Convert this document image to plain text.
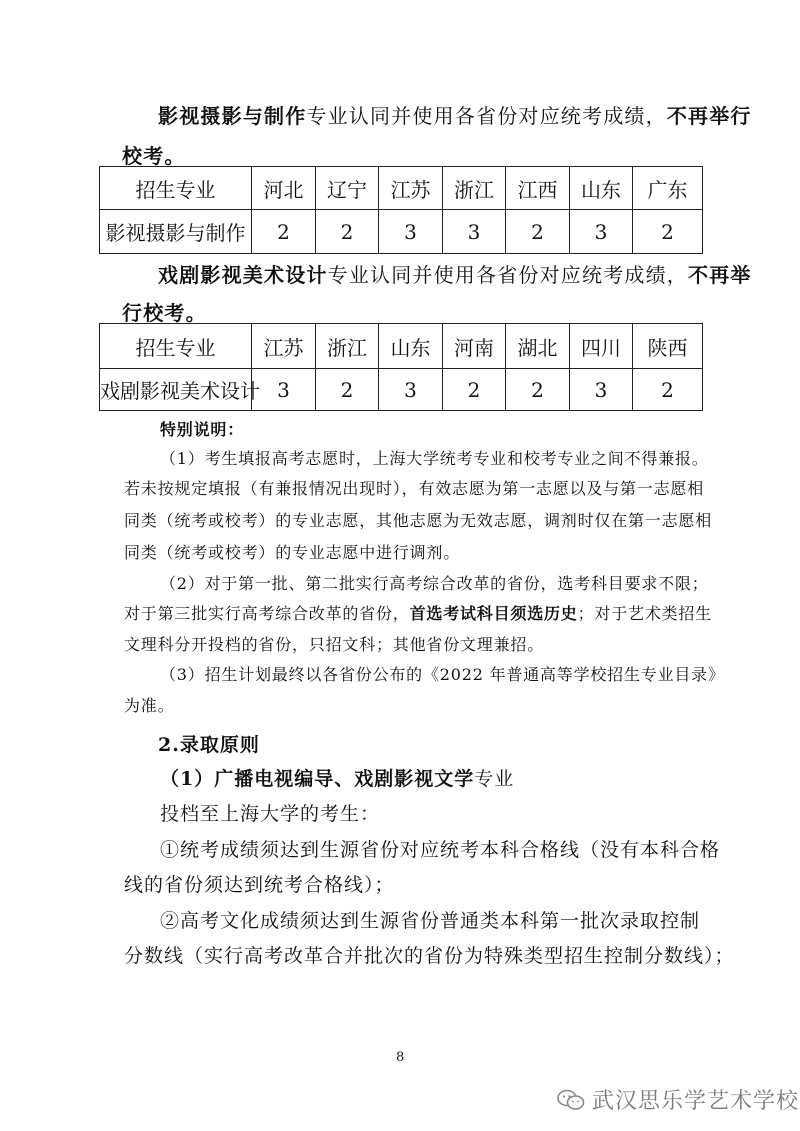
影视摄影与制作专业认同并使用各省份对应统考成绩，不再举行
校考。
招生专业	河北	辽宁	江苏	浙江	江西	山东	广东
影视摄影与制作	2	2	3	3	2	3	2
戏剧影视美术设计专业认同并使用各省份对应统考成绩，不再举
行校考。
招生专业	江苏	浙江	山东	河南	湖北	四川	陕西
戏剧影视美术设计	3	2	3	2	2	3	2
特别说明：
（1）考生填报高考志愿时，上海大学统考专业和校考专业之间不得兼报。
若未按规定填报（有兼报情况出现时），有效志愿为第一志愿以及与第一志愿相
同类（统考或校考）的专业志愿，其他志愿为无效志愿，调剂时仅在第一志愿相
同类（统考或校考）的专业志愿中进行调剂。
（2）对于第一批、第二批实行高考综合改革的省份，选考科目要求不限；
对于第三批实行高考综合改革的省份，首选考试科目须选历史；对于艺术类招生
文理科分开投档的省份，只招文科；其他省份文理兼招。
（3）招生计划最终以各省份公布的《2022 年普通高等学校招生专业目录》
为准。
2.录取原则
（1）广播电视编导、戏剧影视文学专业
投档至上海大学的考生：
①统考成绩须达到生源省份对应统考本科合格线（没有本科合格
线的省份须达到统考合格线）；
②高考文化成绩须达到生源省份普通类本科第一批次录取控制
分数线（实行高考改革合并批次的省份为特殊类型招生控制分数线）；
8
武汉思乐学艺术学校
